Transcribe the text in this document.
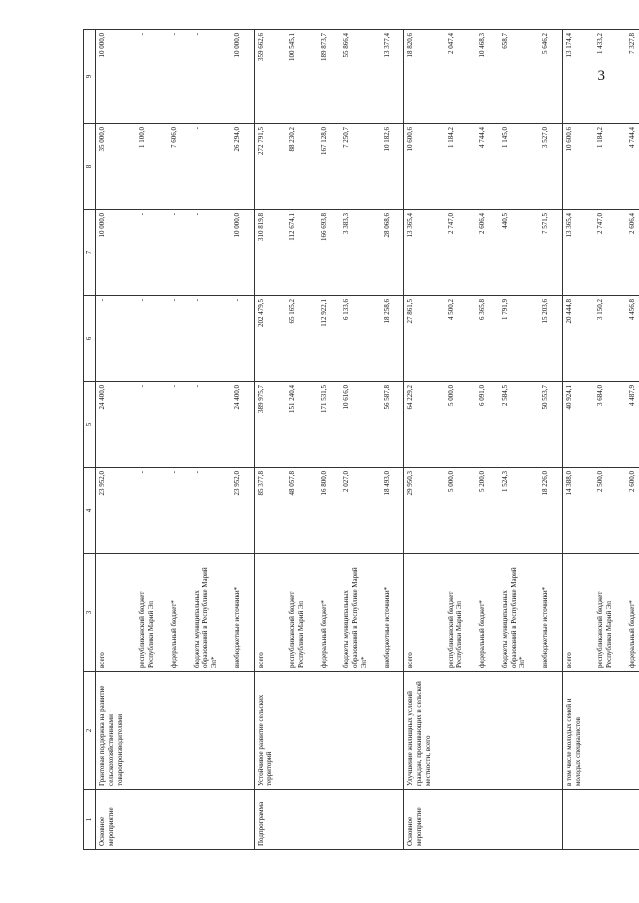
3
1	2	3	4	5	6	7	8	9
Основное мероприятие	Грантовая поддержка на развитие сельскохозяйственными товаропроизводителями	всего	23 952,0	24 400,0	-	10 000,0	35 000,0	10 000,0

		республиканский бюджет Республики Марий Эл	-	-	-	-	1 100,0	-

		федеральный бюджет*	-	-	-	-	7 606,0	-

		бюджеты муниципальных образований в Республике Марий Эл*	-	-	-	-	-	-

		внебюджетные источники*	23 952,0	24 400,0	-	10 000,0	26 294,0	10 000,0

Подпрограмма	Устойчивое развитие сельских территорий	всего	85 377,8	389 975,7	202 479,5	310 819,8	272 791,5	359 662,6

		республиканский бюджет Республики Марий Эл	48 057,8	151 240,4	65 165,2	112 674,1	88 230,2	100 545,1

		федеральный бюджет*	16 800,0	171 531,5	112 922,1	166 693,8	167 128,0	189 873,7

		бюджеты муниципальных образований в Республике Марий Эл*	2 027,0	10 616,0	6 133,6	3 383,3	7 250,7	55 866,4

		внебюджетные источники*	18 493,0	56 587,8	18 258,6	28 068,6	10 182,6	13 377,4

Основное мероприятие	Улучшение жилищных условий граждан, проживающих в сельской местности, всего	всего	29 950,3	64 229,2	27 861,5	13 365,4	10 600,6	18 820,6

		республиканский бюджет Республики Марий Эл	5 000,0	5 000,0	4 500,2	2 747,0	1 184,2	2 047,4

		федеральный бюджет*	5 200,0	6 091,0	6 365,8	2 606,4	4 744,4	10 468,3

		бюджеты муниципальных образований в Республике Марий Эл*	1 524,3	2 584,5	1 791,9	440,5	1 145,0	658,7

		внебюджетные источники*	18 226,0	50 553,7	15 203,6	7 571,5	3 527,0	5 646,2

	в том числе молодых семей и молодых специалистов	всего	14 388,0	40 924,1	20 444,8	13 365,4	10 600,6	13 174,4

		республиканский бюджет Республики Марий Эл	2 500,0	3 684,0	3 150,2	2 747,0	1 184,2	1 433,2

		федеральный бюджет*	2 600,0	4 487,9	4 456,8	2 606,4	4 744,4	7 327,8
